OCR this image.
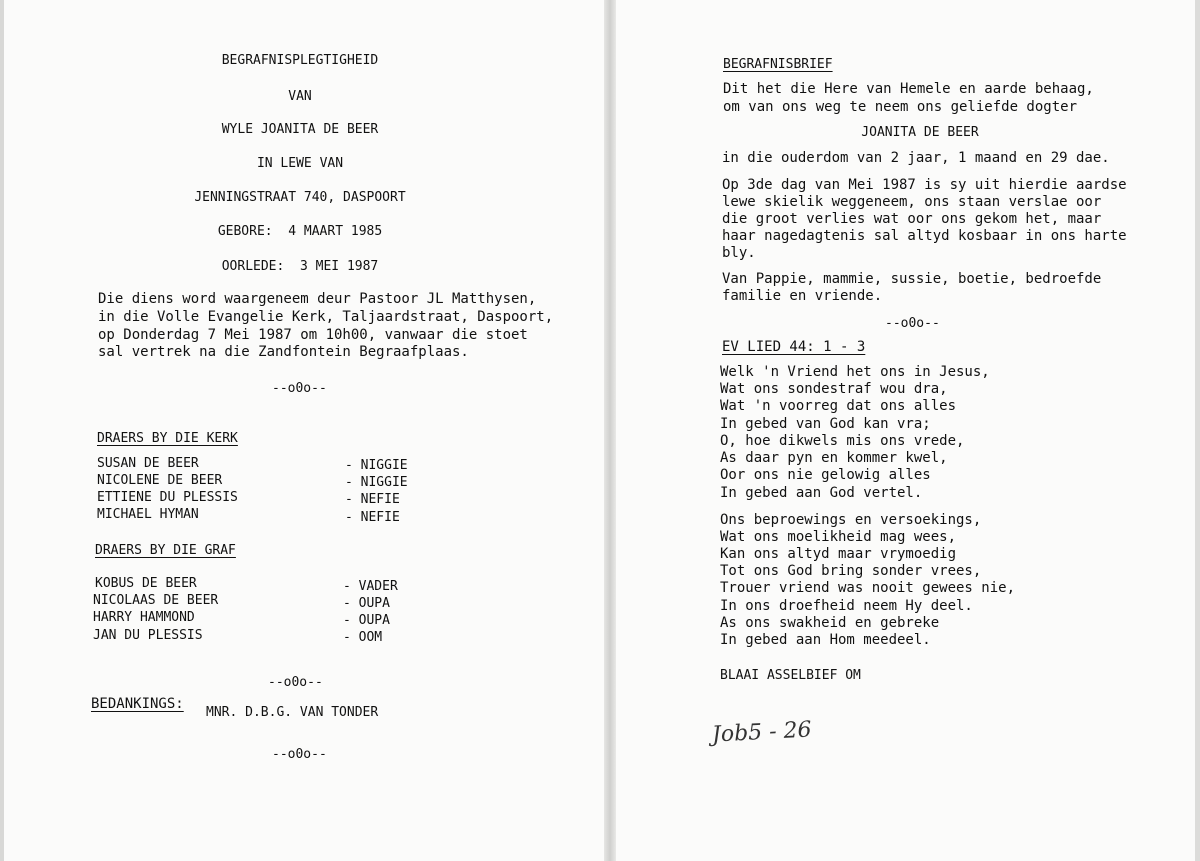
BEGRAFNISPLEGTIGHEID
VAN
WYLE JOANITA DE BEER
IN LEWE VAN
JENNINGSTRAAT 740, DASPOORT
GEBORE:  4 MAART 1985
OORLEDE:  3 MEI 1987
Die diens word waargeneem deur Pastoor JL Matthysen,
in die Volle Evangelie Kerk, Taljaardstraat, Daspoort,
op Donderdag 7 Mei 1987 om 10h00, vanwaar die stoet
sal vertrek na die Zandfontein Begraafplaas.
--o0o--
DRAERS BY DIE KERK
SUSAN DE BEER	- NIGGIE
NICOLENE DE BEER	- NIGGIE
ETTIENE DU PLESSIS	- NEFIE
MICHAEL HYMAN	- NEFIE
DRAERS BY DIE GRAF
KOBUS DE BEER	- VADER
NICOLAAS DE BEER	- OUPA
HARRY HAMMOND	- OUPA
JAN DU PLESSIS	- OOM
--o0o--
BEDANKINGS:
MNR. D.B.G. VAN TONDER
--o0o--
BEGRAFNISBRIEF
Dit het die Here van Hemele en aarde behaag,
om van ons weg te neem ons geliefde dogter
JOANITA DE BEER
in die ouderdom van 2 jaar, 1 maand en 29 dae.
Op 3de dag van Mei 1987 is sy uit hierdie aardse
lewe skielik weggeneem, ons staan verslae oor
die groot verlies wat oor ons gekom het, maar
haar nagedagtenis sal altyd kosbaar in ons harte
bly.
Van Pappie, mammie, sussie, boetie, bedroefde
familie en vriende.
--o0o--
EV LIED 44: 1 - 3
Welk 'n Vriend het ons in Jesus,
Wat ons sondestraf wou dra,
Wat 'n voorreg dat ons alles
In gebed van God kan vra;
O, hoe dikwels mis ons vrede,
As daar pyn en kommer kwel,
Oor ons nie gelowig alles
In gebed aan God vertel.
Ons beproewings en versoekings,
Wat ons moelikheid mag wees,
Kan ons altyd maar vrymoedig
Tot ons God bring sonder vrees,
Trouer vriend was nooit gewees nie,
In ons droefheid neem Hy deel.
As ons swakheid en gebreke
In gebed aan Hom meedeel.
BLAAI ASSELBIEF OM
Job5 - 26
